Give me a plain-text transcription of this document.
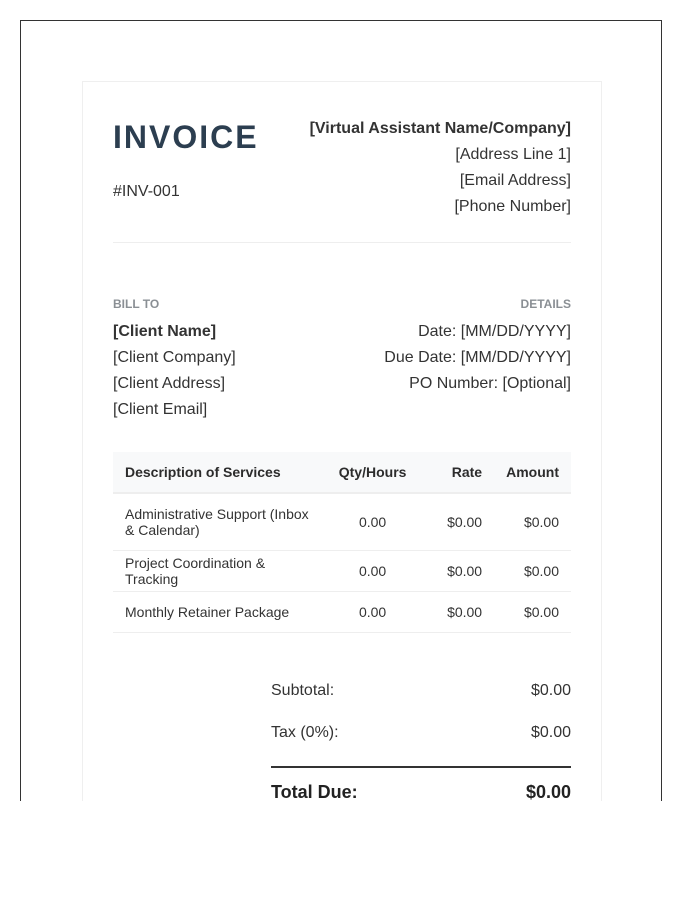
INVOICE
#INV-001
[Virtual Assistant Name/Company]
[Address Line 1]
[Email Address]
[Phone Number]
BILL TO
[Client Name]
[Client Company]
[Client Address]
[Client Email]
DETAILS
Date: [MM/DD/YYYY]
Due Date: [MM/DD/YYYY]
PO Number: [Optional]
Description of Services	Qty/Hours	Rate	Amount
Administrative Support (Inbox & Calendar)	0.00	$0.00	$0.00
Project Coordination & Tracking	0.00	$0.00	$0.00
Monthly Retainer Package	0.00	$0.00	$0.00
Subtotal:	$0.00
Tax (0%):	$0.00
Total Due:	$0.00
